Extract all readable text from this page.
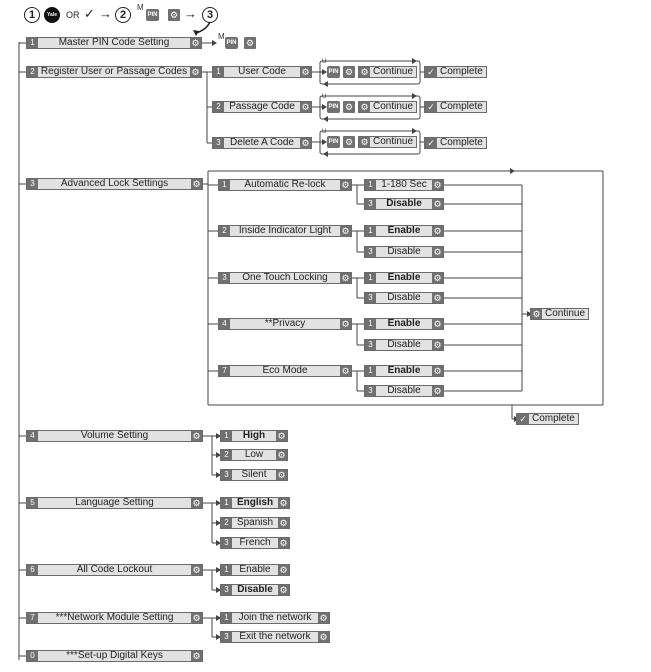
1	Yale	OR ✓ → 2
M
PIN ⚙ → 3
M
PIN ⚙
1	Master PIN Code Setting	⚙
2 Register User or Passage Codes ⚙
3	Advanced Lock Settings	⚙
4	Volume Setting	⚙
5	Language Setting	⚙
6	All Code Lockout	⚙
7	***Network Module Setting	⚙
0	***Set-up Digital Keys	⚙
1	User Code	⚙
2 Passage Code ⚙
3 Delete A Code ⚙
U
PIN ⚙ ⚙ Continue	✓ Complete
U
PIN ⚙ ⚙ Continue	✓ Complete
U
PIN ⚙ ⚙ Continue	✓ Complete
1	Automatic Re-lock	⚙	1 1-180 Sec ⚙
3	Disable	⚙
2	Inside Indicator Light	⚙	1	Enable	⚙
3	Disable	⚙
3	One Touch Locking	⚙	1	Enable	⚙
3	Disable	⚙
4	**Privacy	⚙	1	Enable	⚙
3	Disable	⚙
7	Eco Mode	⚙	1	Enable	⚙
3	Disable	⚙
⚙ Continue
✓ Complete
1	High	⚙
2	Low	⚙
3	Silent	⚙
1 English ⚙
2 Spanish ⚙
3	French ⚙
1	Enable ⚙
3 Disable ⚙
1 Join the network ⚙
3	Exit the network ⚙
